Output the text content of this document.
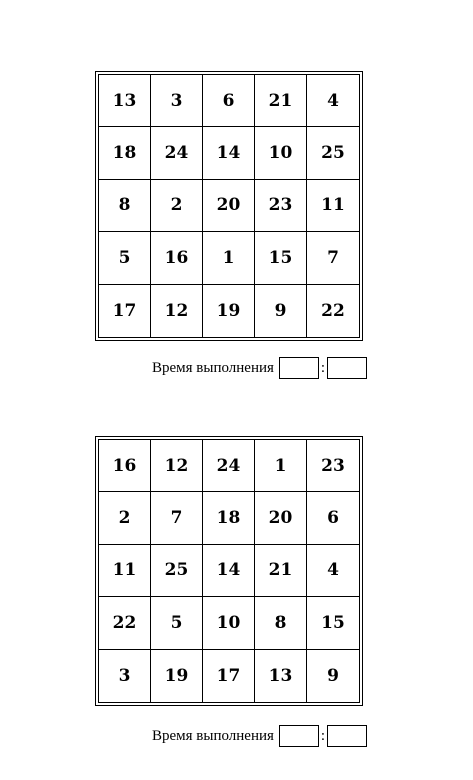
13	3	6	21	4
18	24	14	10	25
8	2	20	23	11
5	16	1	15	7
17	12	19	9	22
Время выполнения	:
16	12	24	1	23
2	7	18	20	6
11	25	14	21	4
22	5	10	8	15
3	19	17	13	9
Время выполнения	:
